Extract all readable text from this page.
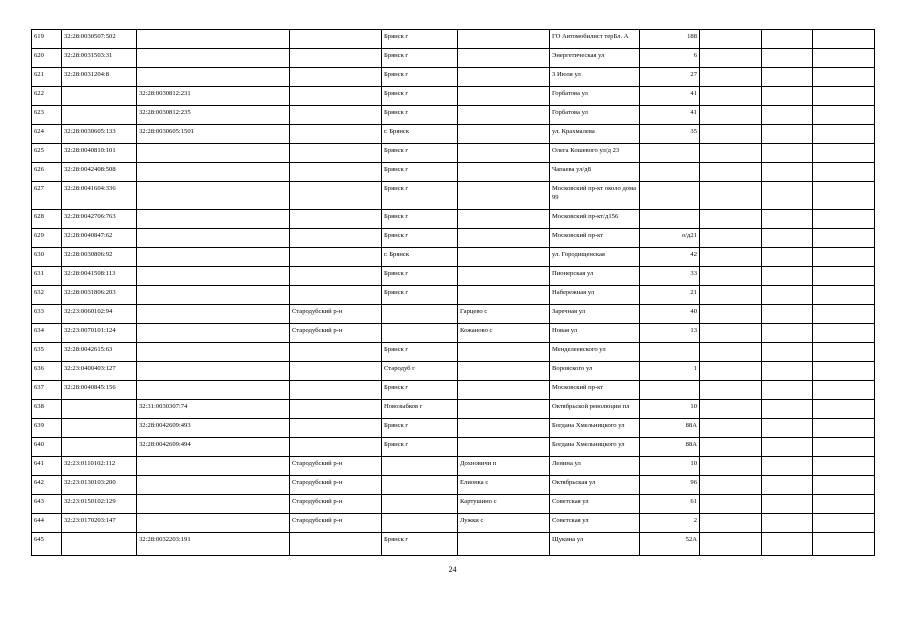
619	32:28:0030507:502			Брянск г		ГО Автомобилист терБл. А	188			
620	32:28:0031503:31			Брянск г		Энергетическая ул	6			
621	32:28:0031204:8			Брянск г		3 Июля ул	27			
622		32:28:0030812:231		Брянск г		Горбатова ул	41			
623		32:28:0030812:235		Брянск г		Горбатова ул	41			
624	32:28:0030605:133	32:28:0030605:1501		г. Брянск		ул. Крахмалева	35			
625	32:28:0040810:101			Брянск г		Олега Кошевого ул/д 23				
626	32:28:0042408:508			Брянск г		Чапаева ул/д8				
627	32:28:0041604:336			Брянск г		Московский пр-кт около дома 99				
628	32:28:0042706:763			Брянск г		Московский пр-кт/д156				
629	32:28:0040847:62			Брянск г		Московский пр-кт	о/д21			
630	32:28:0030806:92			г. Брянск		ул. Городищенская	42			
631	32:28:0041508:113			Брянск г		Пионерская ул	33			
632	32:28:0031806:203			Брянск г		Набережная ул	21			
633	32:23:0060102:94		Стародубский р-н		Гарцево с	Заречная ул	40			
634	32:23:0070101:124		Стародубский р-н		Кожаново с	Новая ул	13			
635	32:28:0042615:63			Брянск г		Менделеевского ул				
636	32:23:0400403:127			Стародуб г		Воровского ул	1			
637	32:28:0040845:156			Брянск г		Московский пр-кт				
638		32:31:0030307:74		Новозыбков г		Октябрьской революции пл	10			
639		32:28:0042609:493		Брянск г		Богдана Хмельницкого ул	88А			
640		32:28:0042609:494		Брянск г		Богдана Хмельницкого ул	88А			
641	32:23:0110102:112		Стародубский р-н		Дохновичи п	Ленина ул	10			
642	32:23:0130103:200		Стародубский р-н		Елионка с	Октябрьская ул	96			
643	32:23:0150102:129		Стародубский р-н		Картушино с	Советская ул	61			
644	32:23:0170203:147		Стародубский р-н		Лужки с	Советская ул	2			
645		32:28:0032203:191		Брянск г		Щукина ул	52А			
24
